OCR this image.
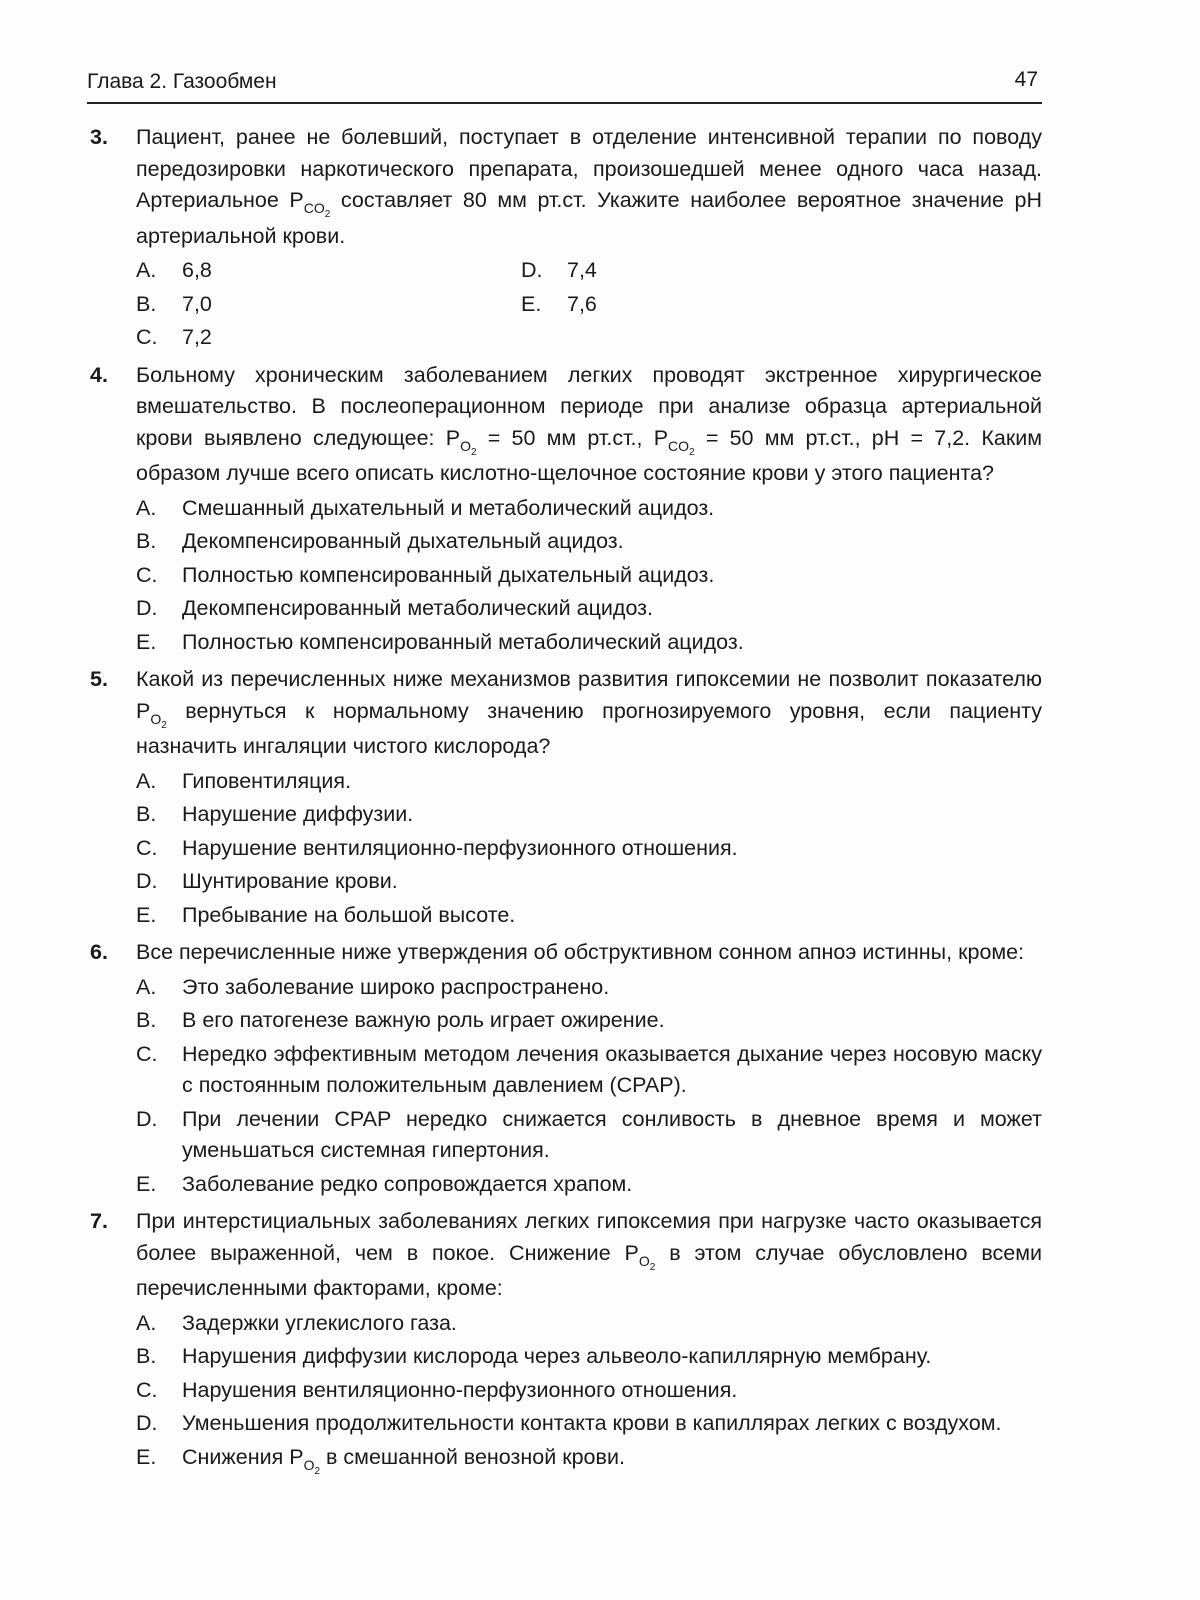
Глава 2. Газообмен	47
3.	Пациент, ранее не болевший, поступает в отделение интенсивной терапии по поводу передозировки наркотического препарата, произошедшей менее одного часа назад. Артериальное $P_{CO_2}$ составляет 80 мм рт.ст. Укажите наиболее вероятное значение pH артериальной крови.
A.	6,8	D.	7,4
B.	7,0	E.	7,6
C.	7,2
4.	Больному хроническим заболеванием легких проводят экстренное хирургическое вмешательство. В послеоперационном периоде при анализе образца артериальной крови выявлено следующее: $P_{O_2} = 50$ мм рт.ст., $P_{CO_2} = 50$ мм рт.ст., pH = 7,2. Каким образом лучше всего описать кислотно-щелочное состояние крови у этого пациента?
A.	Смешанный дыхательный и метаболический ацидоз.
B.	Декомпенсированный дыхательный ацидоз.
C.	Полностью компенсированный дыхательный ацидоз.
D.	Декомпенсированный метаболический ацидоз.
E.	Полностью компенсированный метаболический ацидоз.
5.	Какой из перечисленных ниже механизмов развития гипоксемии не позволит показателю $P_{O_2}$ вернуться к нормальному значению прогнозируемого уровня, если пациенту назначить ингаляции чистого кислорода?
A.	Гиповентиляция.
B.	Нарушение диффузии.
C.	Нарушение вентиляционно-перфузионного отношения.
D.	Шунтирование крови.
E.	Пребывание на большой высоте.
6.	Все перечисленные ниже утверждения об обструктивном сонном апноэ истинны, кроме:
A.	Это заболевание широко распространено.
B.	В его патогенезе важную роль играет ожирение.
C.	Нередко эффективным методом лечения оказывается дыхание через носовую маску с постоянным положительным давлением (CPAP).
D.	При лечении CPAP нередко снижается сонливость в дневное время и может уменьшаться системная гипертония.
E.	Заболевание редко сопровождается храпом.
7.	При интерстициальных заболеваниях легких гипоксемия при нагрузке часто оказывается более выраженной, чем в покое. Снижение $P_{O_2}$ в этом случае обусловлено всеми перечисленными факторами, кроме:
A.	Задержки углекислого газа.
B.	Нарушения диффузии кислорода через альвеоло-капиллярную мембрану.
C.	Нарушения вентиляционно-перфузионного отношения.
D.	Уменьшения продолжительности контакта крови в капиллярах легких с воздухом.
E.	Снижения $P_{O_2}$ в смешанной венозной крови.
